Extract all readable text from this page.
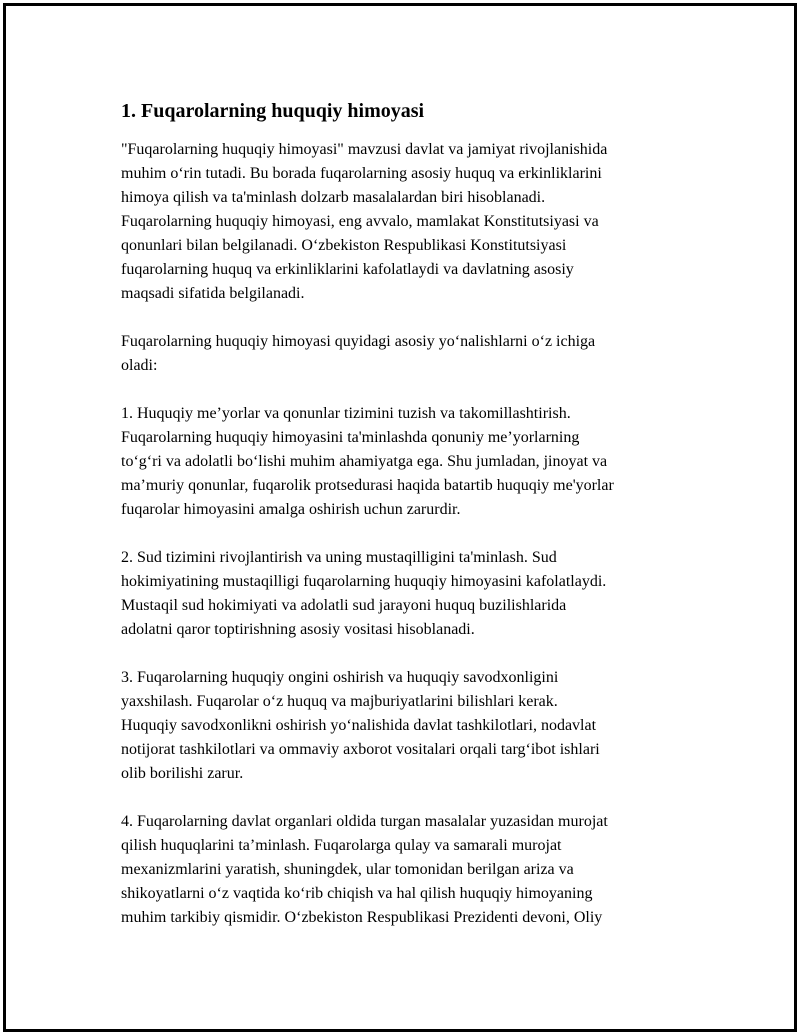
1. Fuqarolarning huquqiy himoyasi

"Fuqarolarning huquqiy himoyasi" mavzusi davlat va jamiyat rivojlanishida
muhim oʻrin tutadi. Bu borada fuqarolarning asosiy huquq va erkinliklarini
himoya qilish va ta'minlash dolzarb masalalardan biri hisoblanadi.
Fuqarolarning huquqiy himoyasi, eng avvalo, mamlakat Konstitutsiyasi va
qonunlari bilan belgilanadi. Oʻzbekiston Respublikasi Konstitutsiyasi
fuqarolarning huquq va erkinliklarini kafolatlaydi va davlatning asosiy
maqsadi sifatida belgilanadi.

Fuqarolarning huquqiy himoyasi quyidagi asosiy yoʻnalishlarni oʻz ichiga
oladi:

1. Huquqiy meʼyorlar va qonunlar tizimini tuzish va takomillashtirish.
Fuqarolarning huquqiy himoyasini ta'minlashda qonuniy meʼyorlarning
toʻgʻri va adolatli boʻlishi muhim ahamiyatga ega. Shu jumladan, jinoyat va
maʼmuriy qonunlar, fuqarolik protsedurasi haqida batartib huquqiy me'yorlar
fuqarolar himoyasini amalga oshirish uchun zarurdir.

2. Sud tizimini rivojlantirish va uning mustaqilligini ta'minlash. Sud
hokimiyatining mustaqilligi fuqarolarning huquqiy himoyasini kafolatlaydi.
Mustaqil sud hokimiyati va adolatli sud jarayoni huquq buzilishlarida
adolatni qaror toptirishning asosiy vositasi hisoblanadi.

3. Fuqarolarning huquqiy ongini oshirish va huquqiy savodxonligini
yaxshilash. Fuqarolar oʻz huquq va majburiyatlarini bilishlari kerak.
Huquqiy savodxonlikni oshirish yoʻnalishida davlat tashkilotlari, nodavlat
notijorat tashkilotlari va ommaviy axborot vositalari orqali targʻibot ishlari
olib borilishi zarur.

4. Fuqarolarning davlat organlari oldida turgan masalalar yuzasidan murojat
qilish huquqlarini taʼminlash. Fuqarolarga qulay va samarali murojat
mexanizmlarini yaratish, shuningdek, ular tomonidan berilgan ariza va
shikoyatlarni oʻz vaqtida koʻrib chiqish va hal qilish huquqiy himoyaning
muhim tarkibiy qismidir. Oʻzbekiston Respublikasi Prezidenti devoni, Oliy
